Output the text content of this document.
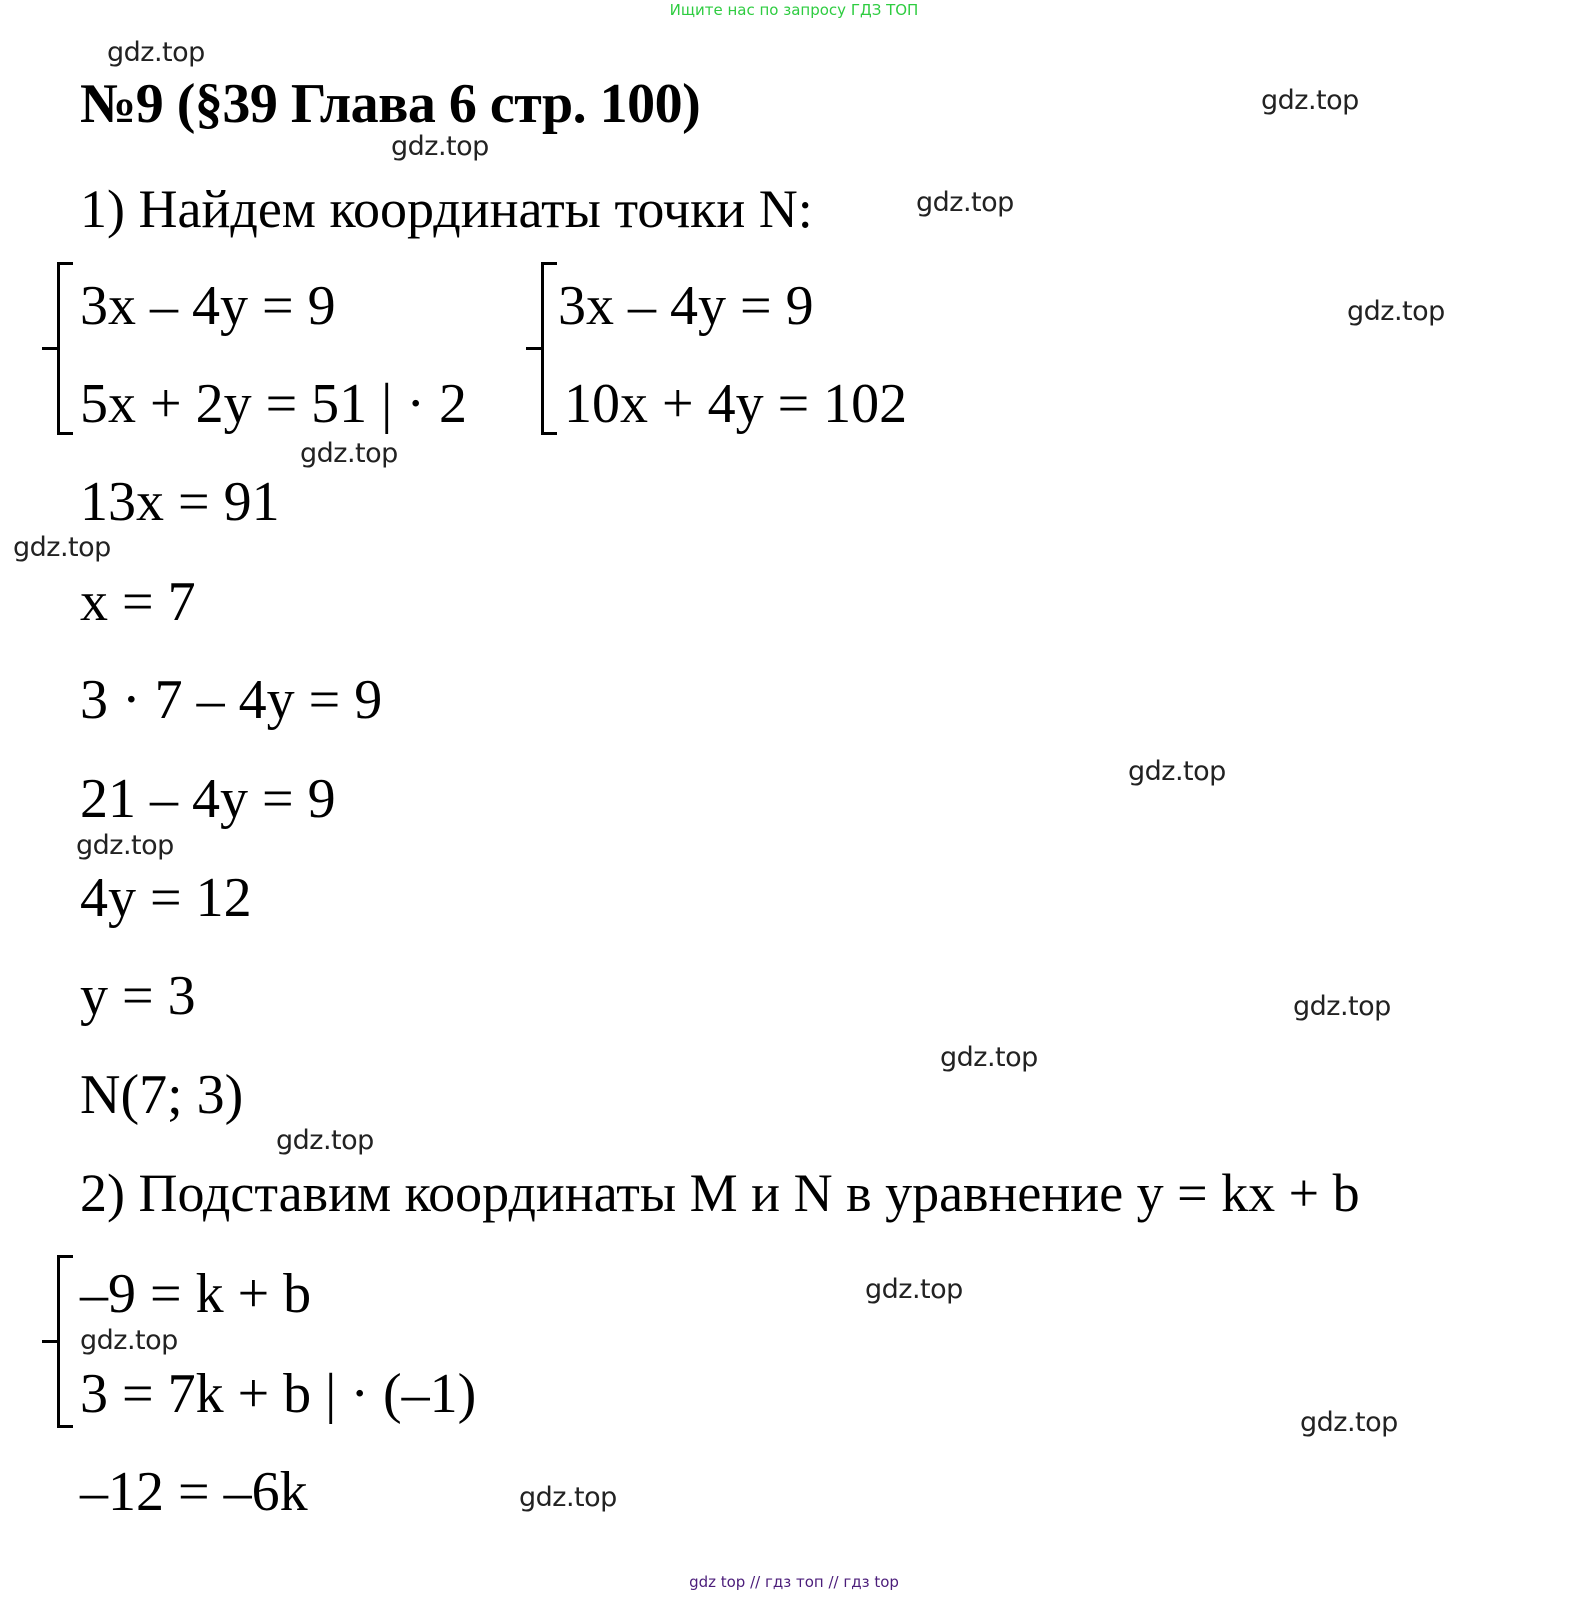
Ищите нас по запросу ГДЗ ТОП
№9 (§39 Глава 6 стр. 100)
1) Найдем координаты точки N:
3x – 4y = 9
5x + 2y = 51 | · 2
3x – 4y = 9
10x + 4y = 102
13x = 91
x = 7
3 · 7 – 4y = 9
21 – 4y = 9
4y = 12
y = 3
N(7; 3)
2) Подставим координаты M и N в уравнение y = kx + b
–9 = k + b
3 = 7k + b | · (–1)
–12 = –6k
gdz.top
gdz.top
gdz.top
gdz.top
gdz.top
gdz.top
gdz.top
gdz.top
gdz.top
gdz.top
gdz.top
gdz.top
gdz.top
gdz.top
gdz.top
gdz.top
gdz top // гдз топ // гдз top
